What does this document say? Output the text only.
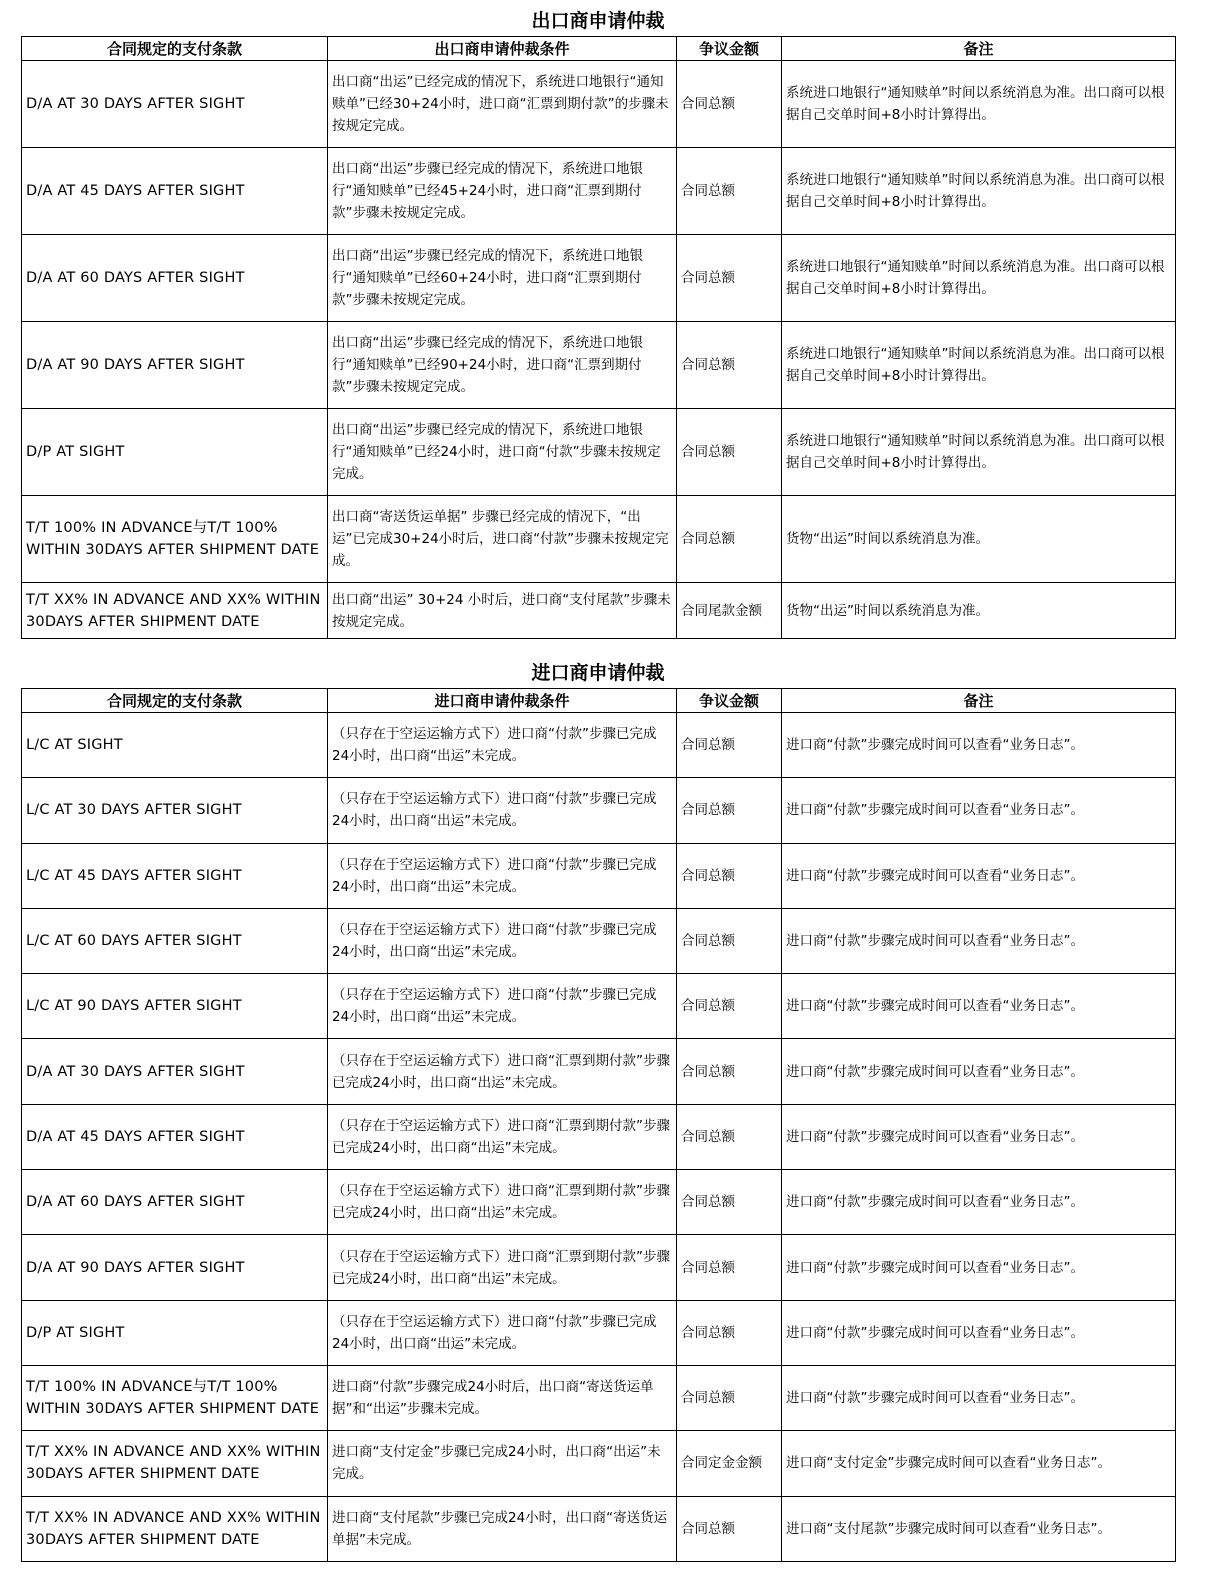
出口商申请仲裁
合同规定的支付条款	出口商申请仲裁条件	争议金额	备注
D/A AT 30 DAYS AFTER SIGHT	出口商“出运”已经完成的情况下，系统进口地银行“通知赎单”已经30+24小时，进口商“汇票到期付款”的步骤未按规定完成。	合同总额	系统进口地银行“通知赎单”时间以系统消息为准。出口商可以根据自己交单时间+8小时计算得出。
D/A AT 45 DAYS AFTER SIGHT	出口商“出运”步骤已经完成的情况下，系统进口地银行“通知赎单”已经45+24小时，进口商“汇票到期付款”步骤未按规定完成。	合同总额	系统进口地银行“通知赎单”时间以系统消息为准。出口商可以根据自己交单时间+8小时计算得出。
D/A AT 60 DAYS AFTER SIGHT	出口商“出运”步骤已经完成的情况下，系统进口地银行“通知赎单”已经60+24小时，进口商“汇票到期付款”步骤未按规定完成。	合同总额	系统进口地银行“通知赎单”时间以系统消息为准。出口商可以根据自己交单时间+8小时计算得出。
D/A AT 90 DAYS AFTER SIGHT	出口商“出运”步骤已经完成的情况下，系统进口地银行“通知赎单”已经90+24小时，进口商“汇票到期付款”步骤未按规定完成。	合同总额	系统进口地银行“通知赎单”时间以系统消息为准。出口商可以根据自己交单时间+8小时计算得出。
D/P AT SIGHT	出口商“出运”步骤已经完成的情况下，系统进口地银行“通知赎单”已经24小时，进口商“付款”步骤未按规定完成。	合同总额	系统进口地银行“通知赎单”时间以系统消息为准。出口商可以根据自己交单时间+8小时计算得出。
T/T 100% IN ADVANCE与T/T 100% WITHIN 30DAYS AFTER SHIPMENT DATE	出口商“寄送货运单据” 步骤已经完成的情况下，“出运”已完成30+24小时后，进口商“付款”步骤未按规定完成。	合同总额	货物“出运”时间以系统消息为准。
T/T XX% IN ADVANCE AND XX% WITHIN 30DAYS AFTER SHIPMENT DATE	出口商“出运” 30+24 小时后，进口商“支付尾款”步骤未按规定完成。	合同尾款金额	货物“出运”时间以系统消息为准。
进口商申请仲裁
合同规定的支付条款	进口商申请仲裁条件	争议金额	备注
L/C AT SIGHT	（只存在于空运运输方式下）进口商“付款”步骤已完成24小时，出口商“出运”未完成。	合同总额	进口商“付款”步骤完成时间可以查看“业务日志”。
L/C AT 30 DAYS AFTER SIGHT	（只存在于空运运输方式下）进口商“付款”步骤已完成24小时，出口商“出运”未完成。	合同总额	进口商“付款”步骤完成时间可以查看“业务日志”。
L/C AT 45 DAYS AFTER SIGHT	（只存在于空运运输方式下）进口商“付款”步骤已完成24小时，出口商“出运”未完成。	合同总额	进口商“付款”步骤完成时间可以查看“业务日志”。
L/C AT 60 DAYS AFTER SIGHT	（只存在于空运运输方式下）进口商“付款”步骤已完成24小时，出口商“出运”未完成。	合同总额	进口商“付款”步骤完成时间可以查看“业务日志”。
L/C AT 90 DAYS AFTER SIGHT	（只存在于空运运输方式下）进口商“付款”步骤已完成24小时，出口商“出运”未完成。	合同总额	进口商“付款”步骤完成时间可以查看“业务日志”。
D/A AT 30 DAYS AFTER SIGHT	（只存在于空运运输方式下）进口商“汇票到期付款”步骤已完成24小时，出口商“出运”未完成。	合同总额	进口商“付款”步骤完成时间可以查看“业务日志”。
D/A AT 45 DAYS AFTER SIGHT	（只存在于空运运输方式下）进口商“汇票到期付款”步骤已完成24小时，出口商“出运”未完成。	合同总额	进口商“付款”步骤完成时间可以查看“业务日志”。
D/A AT 60 DAYS AFTER SIGHT	（只存在于空运运输方式下）进口商“汇票到期付款”步骤已完成24小时，出口商“出运”未完成。	合同总额	进口商“付款”步骤完成时间可以查看“业务日志”。
D/A AT 90 DAYS AFTER SIGHT	（只存在于空运运输方式下）进口商“汇票到期付款”步骤已完成24小时，出口商“出运”未完成。	合同总额	进口商“付款”步骤完成时间可以查看“业务日志”。
D/P AT SIGHT	（只存在于空运运输方式下）进口商“付款”步骤已完成24小时，出口商“出运”未完成。	合同总额	进口商“付款”步骤完成时间可以查看“业务日志”。
T/T 100% IN ADVANCE与T/T 100% WITHIN 30DAYS AFTER SHIPMENT DATE	进口商“付款”步骤完成24小时后，出口商“寄送货运单据”和“出运”步骤未完成。	合同总额	进口商“付款”步骤完成时间可以查看“业务日志”。
T/T XX% IN ADVANCE AND XX% WITHIN 30DAYS AFTER SHIPMENT DATE	进口商“支付定金”步骤已完成24小时，出口商“出运”未完成。	合同定金金额	进口商“支付定金”步骤完成时间可以查看“业务日志”。
T/T XX% IN ADVANCE AND XX% WITHIN 30DAYS AFTER SHIPMENT DATE	进口商“支付尾款”步骤已完成24小时，出口商“寄送货运单据”未完成。	合同总额	进口商“支付尾款”步骤完成时间可以查看“业务日志”。
